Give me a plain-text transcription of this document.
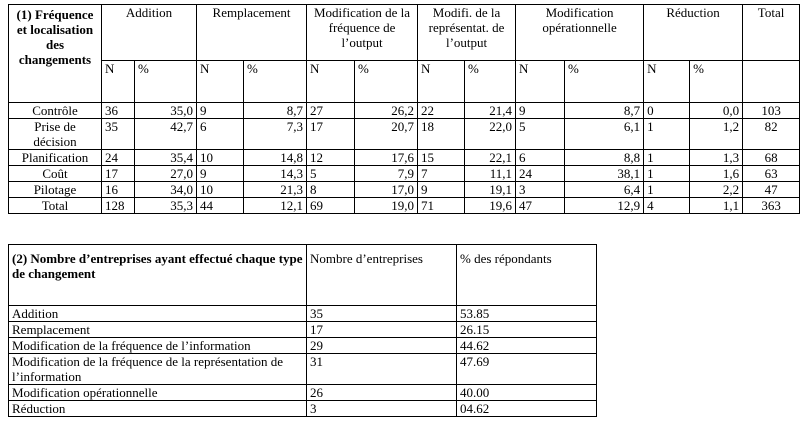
(1) Fréquence et localisation des changements	Addition		Remplacement		Modification de la fréquence de l’output		Modifi. de la représentat. de l’output		Modification opérationnelle		Réduction		Total
	N	%	N	%	N	%	N	%	N	%	N	%	
Contrôle	36	35,0	9	8,7	27	26,2	22	21,4	9	8,7	0	0,0	103
Prise de décision	35	42,7	6	7,3	17	20,7	18	22,0	5	6,1	1	1,2	82
Planification	24	35,4	10	14,8	12	17,6	15	22,1	6	8,8	1	1,3	68
Coût	17	27,0	9	14,3	5	7,9	7	11,1	24	38,1	1	1,6	63
Pilotage	16	34,0	10	21,3	8	17,0	9	19,1	3	6,4	1	2,2	47
Total	128	35,3	44	12,1	69	19,0	71	19,6	47	12,9	4	1,1	363
(2) Nombre d’entreprises ayant effectué chaque type de changement	Nombre d’entreprises	% des répondants
Addition	35	53.85
Remplacement	17	26.15
Modification de la fréquence de l’information	29	44.62
Modification de la fréquence de la représentation de l’information	31	47.69
Modification opérationnelle	26	40.00
Réduction	3	04.62
